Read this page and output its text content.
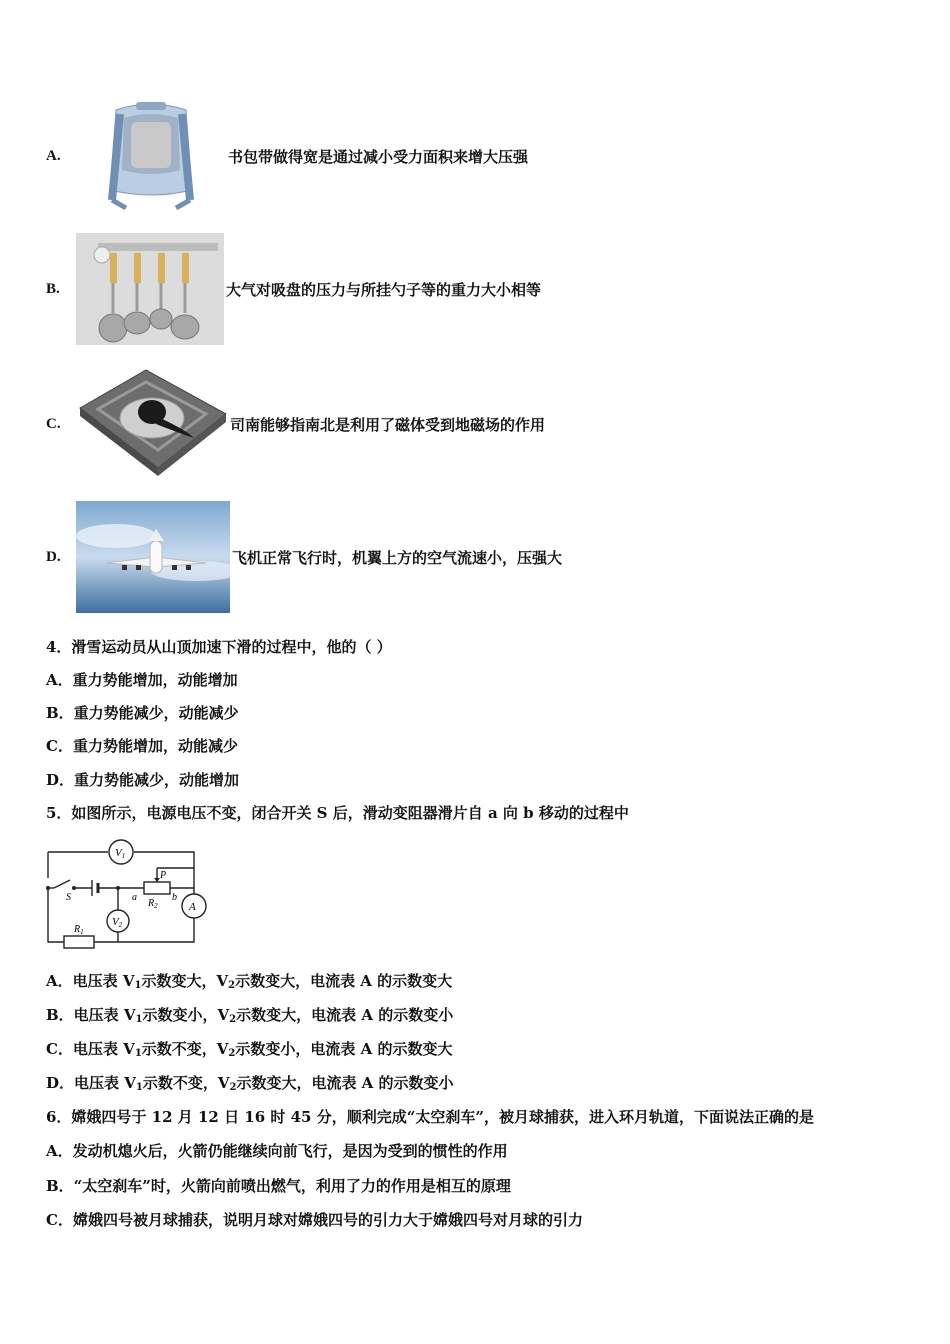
A.	书包带做得宽是通过减小受力面积来增大压强
B.	大气对吸盘的压力与所挂勺子等的重力大小相等
C.	司南能够指南北是利用了磁体受到地磁场的作用
D.	飞机正常飞行时，机翼上方的空气流速小，压强大
4．滑雪运动员从山顶加速下滑的过程中，他的（ ）
A．重力势能增加，动能增加
B．重力势能减少，动能减少
C．重力势能增加，动能减少
D．重力势能减少，动能增加
5．如图所示，电源电压不变，闭合开关 S 后，滑动变阻器滑片自 a 向 b 移动的过程中
V1
V2
A
S
$R_1$
$R_2$
P
a	b
A．电压表 $V_1$示数变大，$V_2$示数变大，电流表 A 的示数变大
B．电压表 $V_1$示数变小，$V_2$示数变大，电流表 A 的示数变小
C．电压表 $V_1$示数不变，$V_2$示数变小，电流表 A 的示数变大
D．电压表 $V_1$示数不变，$V_2$示数变大，电流表 A 的示数变小
6．嫦娥四号于 12 月 12 日 16 时 45 分，顺利完成“太空刹车”，被月球捕获，进入环月轨道，下面说法正确的是
A．发动机熄火后，火箭仍能继续向前飞行，是因为受到的惯性的作用
B．“太空刹车”时，火箭向前喷出燃气，利用了力的作用是相互的原理
C．嫦娥四号被月球捕获，说明月球对嫦娥四号的引力大于嫦娥四号对月球的引力
